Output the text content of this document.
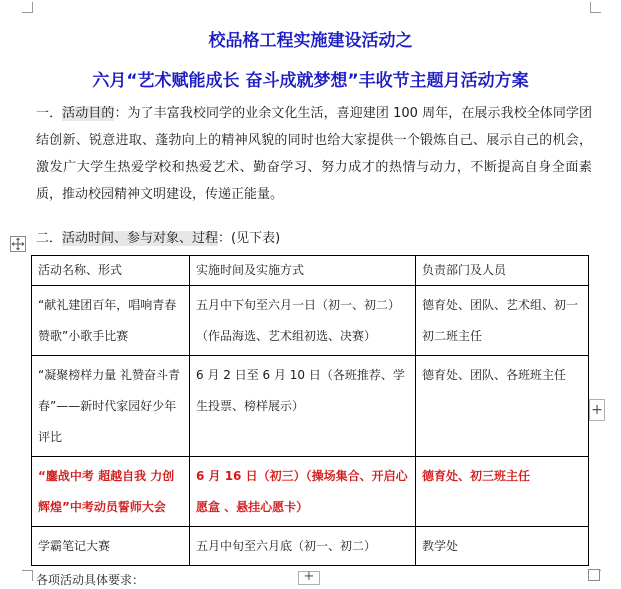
校品格工程实施建设活动之
六月“艺术赋能成长 奋斗成就梦想”丰收节主题月活动方案
一．活动目的：为了丰富我校同学的业余文化生活，喜迎建团 100 周年，在展示我校全体同学团结创新、锐意进取、蓬勃向上的精神风貌的同时也给大家提供一个锻炼自己、展示自己的机会，激发广大学生热爱学校和热爱艺术、勤奋学习、努力成才的热情与动力，不断提高自身全面素质，推动校园精神文明建设，传递正能量。
二．活动时间、参与对象、过程：(见下表)
活动名称、形式	实施时间及实施方式	负责部门及人员
“献礼建团百年，唱响青春赞歌”小歌手比赛	五月中下旬至六月一日（初一、初二）（作品海选、艺术组初选、决赛）	德育处、团队、艺术组、初一初二班主任
“凝聚榜样力量 礼赞奋斗青春”——新时代家园好少年评比	6 月 2 日至 6 月 10 日（各班推荐、学生投票、榜样展示）	德育处、团队、各班班主任
“鏖战中考 超越自我 力创辉煌”中考动员誓师大会	6 月 16 日（初三）（操场集合、开启心愿盒 、悬挂心愿卡）	德育处、初三班主任
学霸笔记大赛	五月中旬至六月底（初一、初二）	教学处
+
各项活动具体要求：	+
